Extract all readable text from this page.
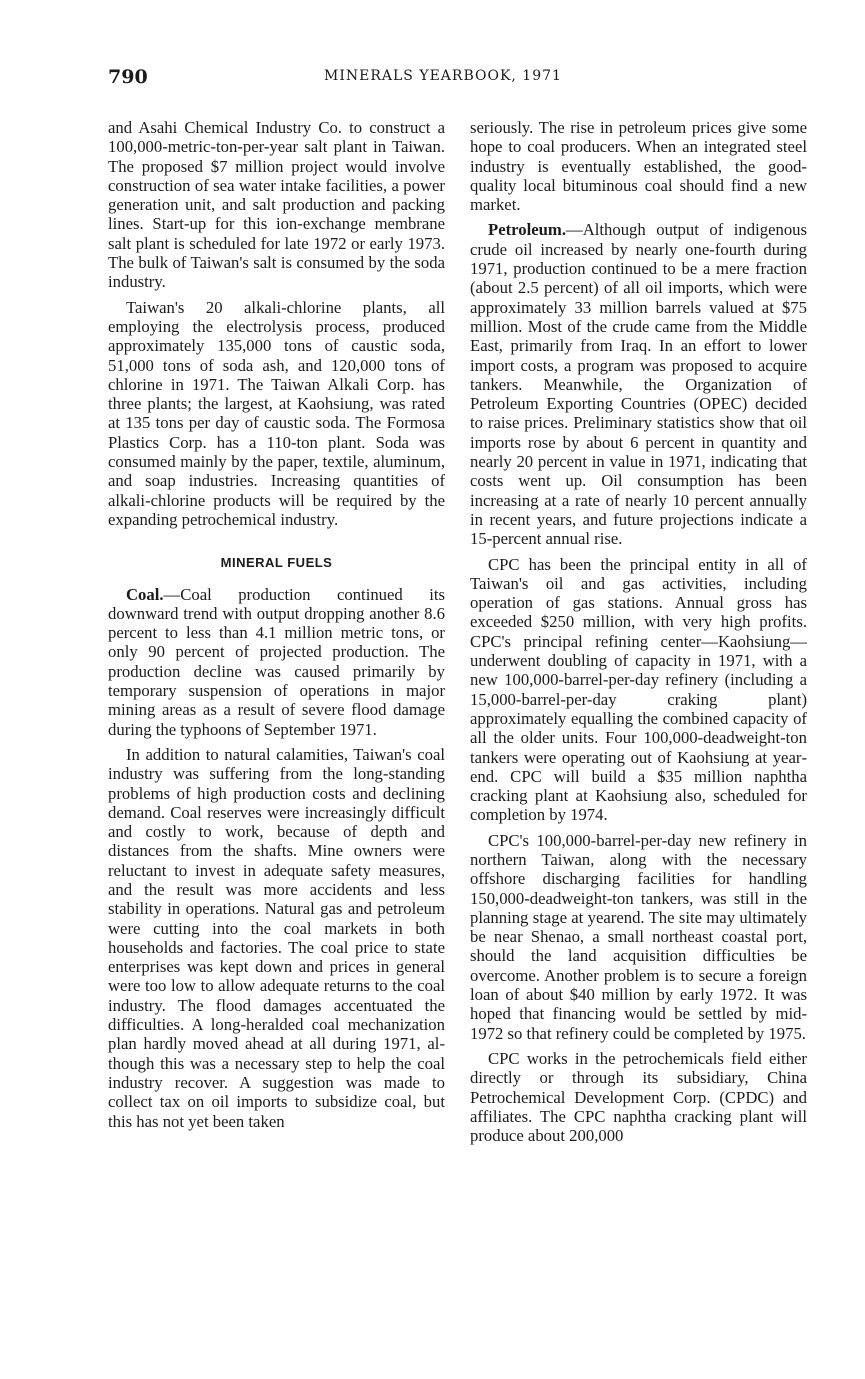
790	MINERALS YEARBOOK, 1971

and Asahi Chemical Industry Co. to construct a 100,000-metric-ton-per-year salt plant in Taiwan. The proposed $7 million project would involve construction of sea water intake facilities, a power generation unit, and salt production and packing lines. Start-up for this ion-exchange membrane salt plant is scheduled for late 1972 or early 1973. The bulk of Taiwan's salt is consumed by the soda industry.

Taiwan's 20 alkali-chlorine plants, all employing the electrolysis process, produced approximately 135,000 tons of caustic soda, 51,000 tons of soda ash, and 120,000 tons of chlorine in 1971. The Taiwan Alkali Corp. has three plants; the largest, at Kaohsiung, was rated at 135 tons per day of caustic soda. The Formosa Plastics Corp. has a 110-ton plant. Soda was consumed mainly by the paper, textile, aluminum, and soap industries. Increasing quantities of alkali-chlorine products will be required by the expanding petrochemical industry.

MINERAL FUELS

Coal.—Coal production continued its downward trend with output dropping another 8.6 percent to less than 4.1 million metric tons, or only 90 percent of projected production. The production decline was caused primarily by temporary suspension of operations in major mining areas as a result of severe flood damage during the typhoons of September 1971.

In addition to natural calamities, Taiwan's coal industry was suffering from the long-standing problems of high production costs and declining demand. Coal reserves were increasingly difficult and costly to work, because of depth and distances from the shafts. Mine owners were reluctant to invest in adequate safety measures, and the result was more accidents and less stability in operations. Natural gas and petroleum were cutting into the coal markets in both households and factories. The coal price to state enterprises was kept down and prices in general were too low to allow adequate returns to the coal industry. The flood damages accentuated the difficulties. A long-heralded coal mechanization plan hardly moved ahead at all during 1971, although this was a necessary step to help the coal industry recover. A suggestion was made to collect tax on oil imports to subsidize coal, but this has not yet been taken

seriously. The rise in petroleum prices give some hope to coal producers. When an integrated steel industry is eventually established, the good-quality local bituminous coal should find a new market.

Petroleum.—Although output of indigenous crude oil increased by nearly one-fourth during 1971, production continued to be a mere fraction (about 2.5 percent) of all oil imports, which were approximately 33 million barrels valued at $75 million. Most of the crude came from the Middle East, primarily from Iraq. In an effort to lower import costs, a program was proposed to acquire tankers. Meanwhile, the Organization of Petroleum Exporting Countries (OPEC) decided to raise prices. Preliminary statistics show that oil imports rose by about 6 percent in quantity and nearly 20 percent in value in 1971, indicating that costs went up. Oil consumption has been increasing at a rate of nearly 10 percent annually in recent years, and future projections indicate a 15-percent annual rise.

CPC has been the principal entity in all of Taiwan's oil and gas activities, including operation of gas stations. Annual gross has exceeded $250 million, with very high profits. CPC's principal refining center—Kaohsiung—underwent doubling of capacity in 1971, with a new 100,000-barrel-per-day refinery (including a 15,000-barrel-per-day craking plant) approximately equalling the combined capacity of all the older units. Four 100,000-deadweight-ton tankers were operating out of Kaohsiung at yearend. CPC will build a $35 million naphtha cracking plant at Kaohsiung also, scheduled for completion by 1974.

CPC's 100,000-barrel-per-day new refinery in northern Taiwan, along with the necessary offshore discharging facilities for handling 150,000-deadweight-ton tankers, was still in the planning stage at yearend. The site may ultimately be near Shenao, a small northeast coastal port, should the land acquisition difficulties be overcome. Another problem is to secure a foreign loan of about $40 million by early 1972. It was hoped that financing would be settled by mid-1972 so that refinery could be completed by 1975.

CPC works in the petrochemicals field either directly or through its subsidiary, China Petrochemical Development Corp. (CPDC) and affiliates. The CPC naphtha cracking plant will produce about 200,000
